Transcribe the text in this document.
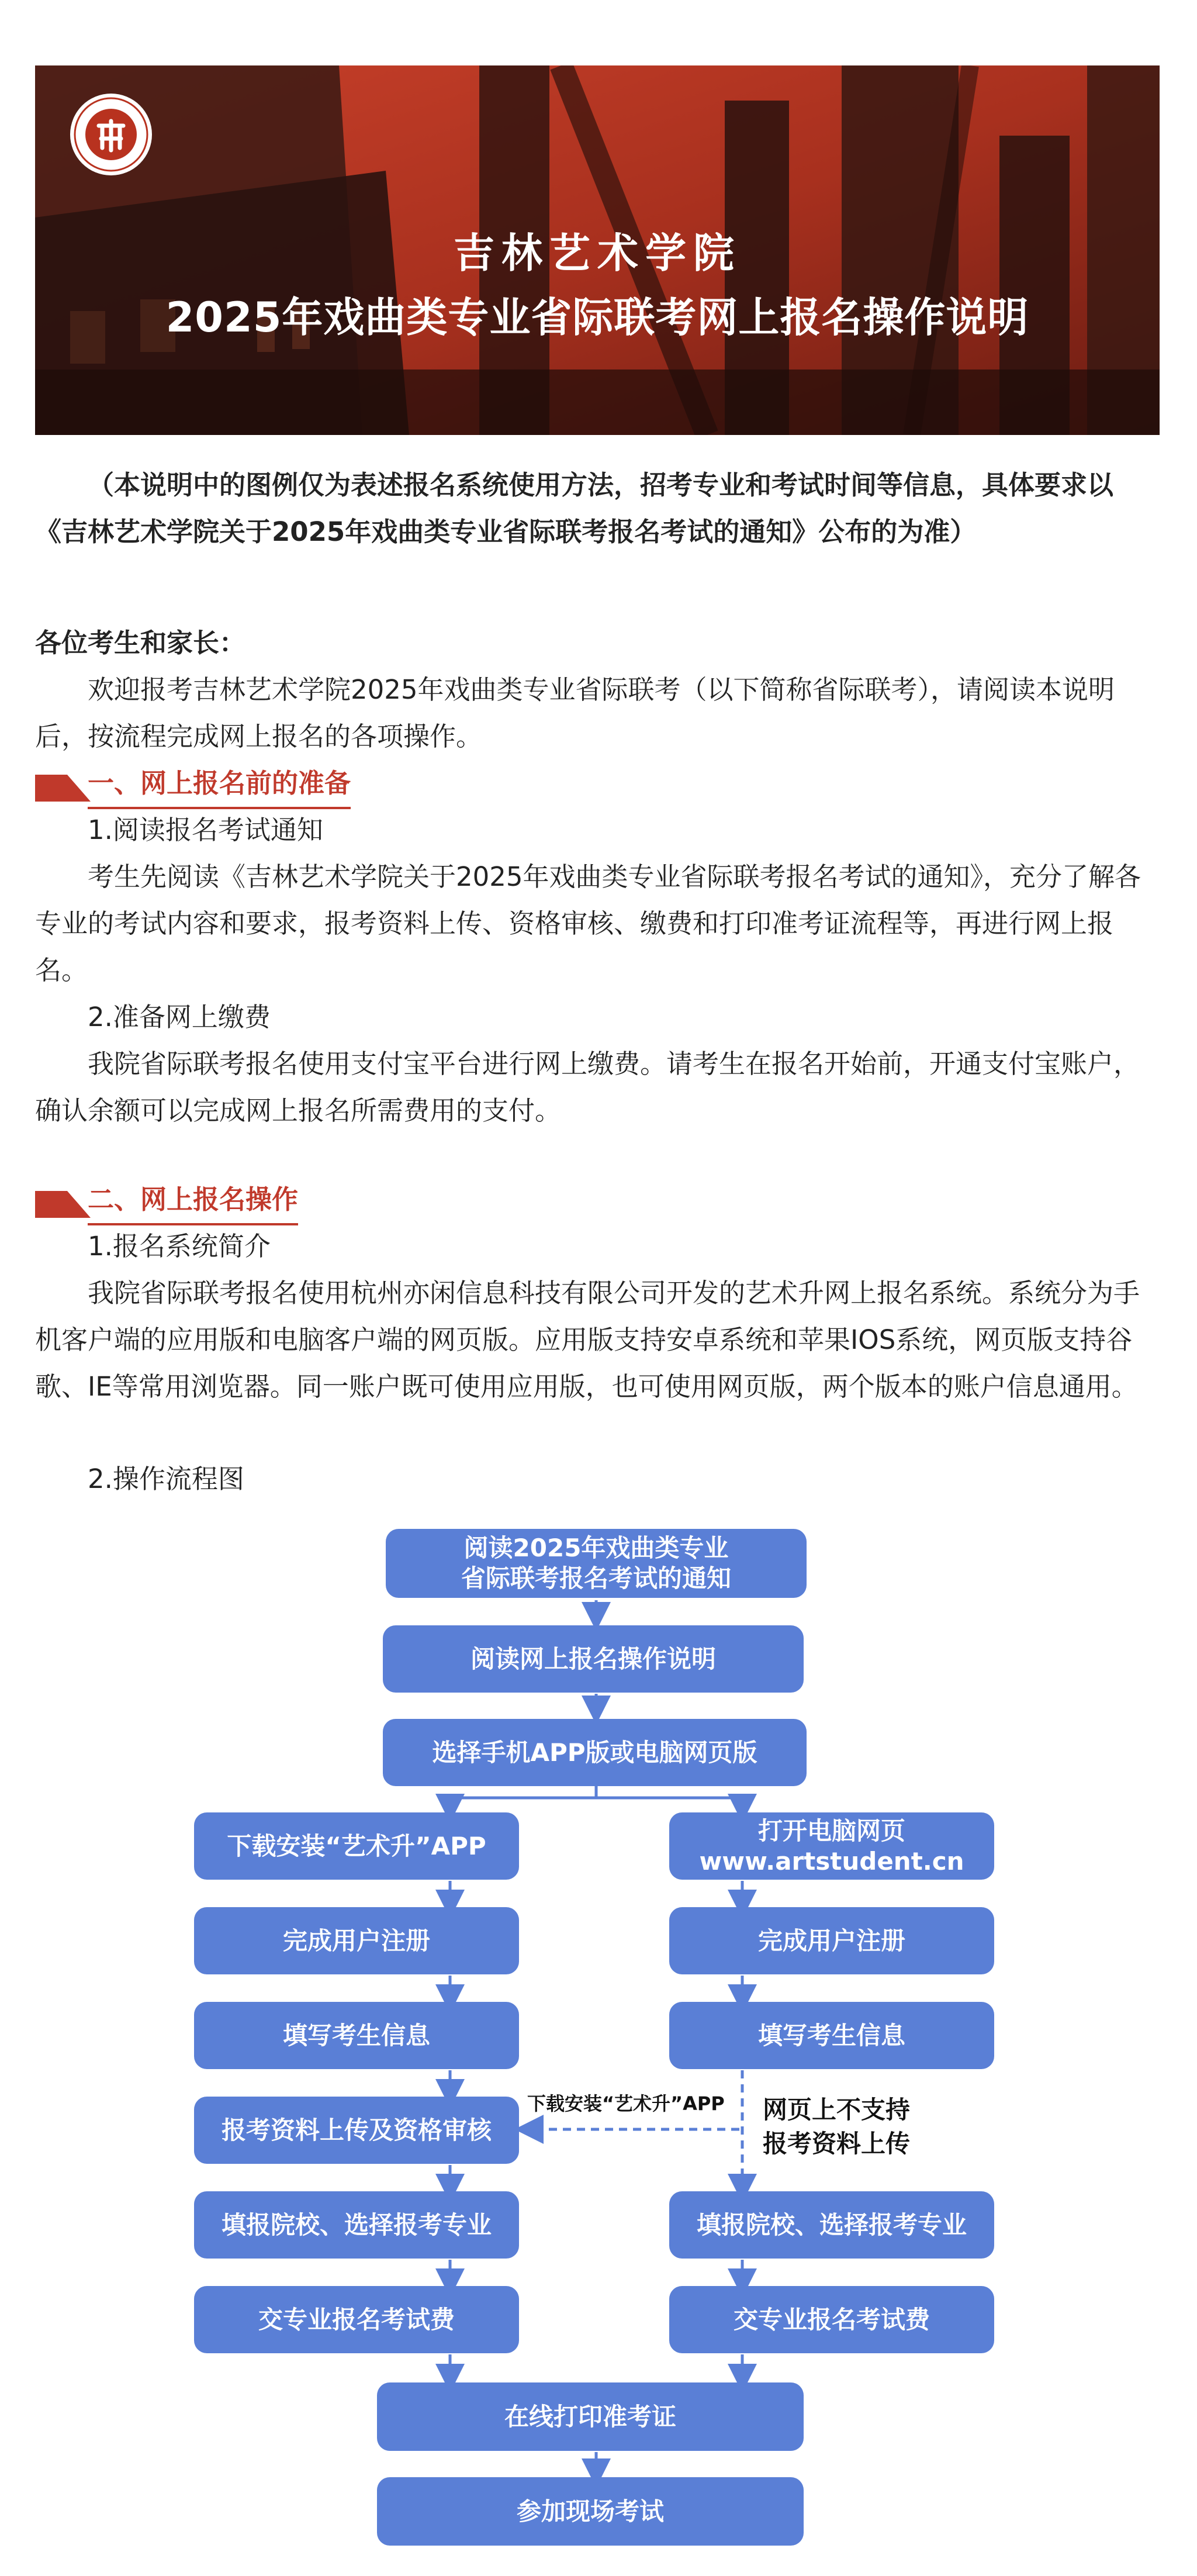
吉林艺术学院
2025年戏曲类专业省际联考网上报名操作说明
（本说明中的图例仅为表述报名系统使用方法，招考专业和考试时间等信息，具体要求以《吉林艺术学院关于2025年戏曲类专业省际联考报名考试的通知》公布的为准）
各位考生和家长：
欢迎报考吉林艺术学院2025年戏曲类专业省际联考（以下简称省际联考），请阅读本说明后，按流程完成网上报名的各项操作。
一、网上报名前的准备
1.阅读报名考试通知
考生先阅读《吉林艺术学院关于2025年戏曲类专业省际联考报名考试的通知》，充分了解各专业的考试内容和要求，报考资料上传、资格审核、缴费和打印准考证流程等，再进行网上报名。
2.准备网上缴费
我院省际联考报名使用支付宝平台进行网上缴费。请考生在报名开始前，开通支付宝账户，确认余额可以完成网上报名所需费用的支付。
二、网上报名操作
1.报名系统简介
我院省际联考报名使用杭州亦闲信息科技有限公司开发的艺术升网上报名系统。系统分为手机客户端的应用版和电脑客户端的网页版。应用版支持安卓系统和苹果IOS系统，网页版支持谷歌、IE等常用浏览器。同一账户既可使用应用版，也可使用网页版，两个版本的账户信息通用。
2.操作流程图
阅读2025年戏曲类专业
省际联考报名考试的通知
阅读网上报名操作说明
选择手机APP版或电脑网页版
下载安装“艺术升”APP
完成用户注册
填写考生信息
报考资料上传及资格审核
填报院校、选择报考专业
交专业报名考试费
打开电脑网页
www.artstudent.cn
完成用户注册
填写考生信息
填报院校、选择报考专业
交专业报名考试费
下载安装“艺术升”APP 网页上不支持
报考资料上传
在线打印准考证
参加现场考试
